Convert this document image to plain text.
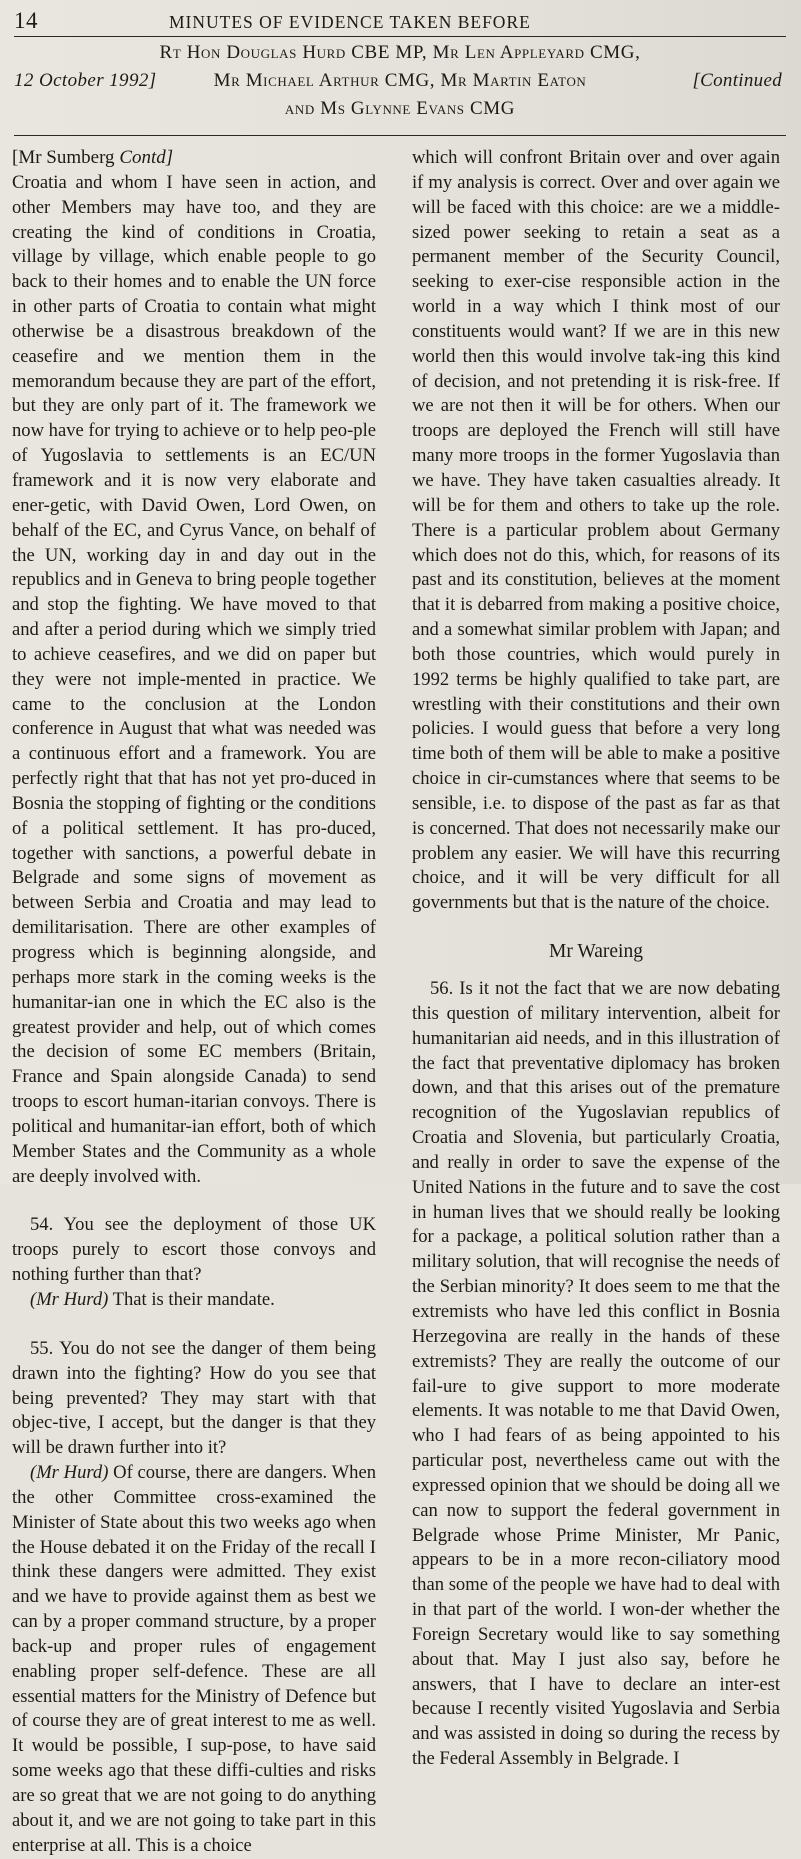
14	MINUTES OF EVIDENCE TAKEN BEFORE
Rt Hon Douglas Hurd CBE MP, Mr Len Appleyard CMG,
Mr Michael Arthur CMG, Mr Martin Eaton
and Ms Glynne Evans CMG
12 October 1992]	[Continued

[Mr Sumberg Contd]

Croatia and whom I have seen in action, and other Members may have too, and they are creating the kind of conditions in Croatia, village by village, which enable people to go back to their homes and to enable the UN force in other parts of Croatia to contain what might otherwise be a disastrous breakdown of the ceasefire and we mention them in the memorandum because they are part of the effort, but they are only part of it. The framework we now have for trying to achieve or to help peo-ple of Yugoslavia to settlements is an EC/UN framework and it is now very elaborate and ener-getic, with David Owen, Lord Owen, on behalf of the EC, and Cyrus Vance, on behalf of the UN, working day in and day out in the republics and in Geneva to bring people together and stop the fighting. We have moved to that and after a period during which we simply tried to achieve ceasefires, and we did on paper but they were not imple-mented in practice. We came to the conclusion at the London conference in August that what was needed was a continuous effort and a framework. You are perfectly right that that has not yet pro-duced in Bosnia the stopping of fighting or the conditions of a political settlement. It has pro-duced, together with sanctions, a powerful debate in Belgrade and some signs of movement as between Serbia and Croatia and may lead to demilitarisation. There are other examples of progress which is beginning alongside, and perhaps more stark in the coming weeks is the humanitar-ian one in which the EC also is the greatest provider and help, out of which comes the decision of some EC members (Britain, France and Spain alongside Canada) to send troops to escort human-itarian convoys. There is political and humanitar-ian effort, both of which Member States and the Community as a whole are deeply involved with.

54. You see the deployment of those UK troops purely to escort those convoys and nothing further than that?

(Mr Hurd) That is their mandate.

55. You do not see the danger of them being drawn into the fighting? How do you see that being prevented? They may start with that objec-tive, I accept, but the danger is that they will be drawn further into it?

(Mr Hurd) Of course, there are dangers. When the other Committee cross-examined the Minister of State about this two weeks ago when the House debated it on the Friday of the recall I think these dangers were admitted. They exist and we have to provide against them as best we can by a proper command structure, by a proper back-up and proper rules of engagement enabling proper self-defence. These are all essential matters for the Ministry of Defence but of course they are of great interest to me as well. It would be possible, I sup-pose, to have said some weeks ago that these diffi-culties and risks are so great that we are not going to do anything about it, and we are not going to take part in this enterprise at all. This is a choice

which will confront Britain over and over again if my analysis is correct. Over and over again we will be faced with this choice: are we a middle-sized power seeking to retain a seat as a permanent member of the Security Council, seeking to exer-cise responsible action in the world in a way which I think most of our constituents would want? If we are in this new world then this would involve tak-ing this kind of decision, and not pretending it is risk-free. If we are not then it will be for others. When our troops are deployed the French will still have many more troops in the former Yugoslavia than we have. They have taken casualties already. It will be for them and others to take up the role. There is a particular problem about Germany which does not do this, which, for reasons of its past and its constitution, believes at the moment that it is debarred from making a positive choice, and a somewhat similar problem with Japan; and both those countries, which would purely in 1992 terms be highly qualified to take part, are wrestling with their constitutions and their own policies. I would guess that before a very long time both of them will be able to make a positive choice in cir-cumstances where that seems to be sensible, i.e. to dispose of the past as far as that is concerned. That does not necessarily make our problem any easier. We will have this recurring choice, and it will be very difficult for all governments but that is the nature of the choice.

Mr Wareing

56. Is it not the fact that we are now debating this question of military intervention, albeit for humanitarian aid needs, and in this illustration of the fact that preventative diplomacy has broken down, and that this arises out of the premature recognition of the Yugoslavian republics of Croatia and Slovenia, but particularly Croatia, and really in order to save the expense of the United Nations in the future and to save the cost in human lives that we should really be looking for a package, a political solution rather than a military solution, that will recognise the needs of the Serbian minority? It does seem to me that the extremists who have led this conflict in Bosnia Herzegovina are really in the hands of these extremists? They are really the outcome of our fail-ure to give support to more moderate elements. It was notable to me that David Owen, who I had fears of as being appointed to his particular post, nevertheless came out with the expressed opinion that we should be doing all we can now to support the federal government in Belgrade whose Prime Minister, Mr Panic, appears to be in a more recon-ciliatory mood than some of the people we have had to deal with in that part of the world. I won-der whether the Foreign Secretary would like to say something about that. May I just also say, before he answers, that I have to declare an inter-est because I recently visited Yugoslavia and Serbia and was assisted in doing so during the recess by the Federal Assembly in Belgrade. I
